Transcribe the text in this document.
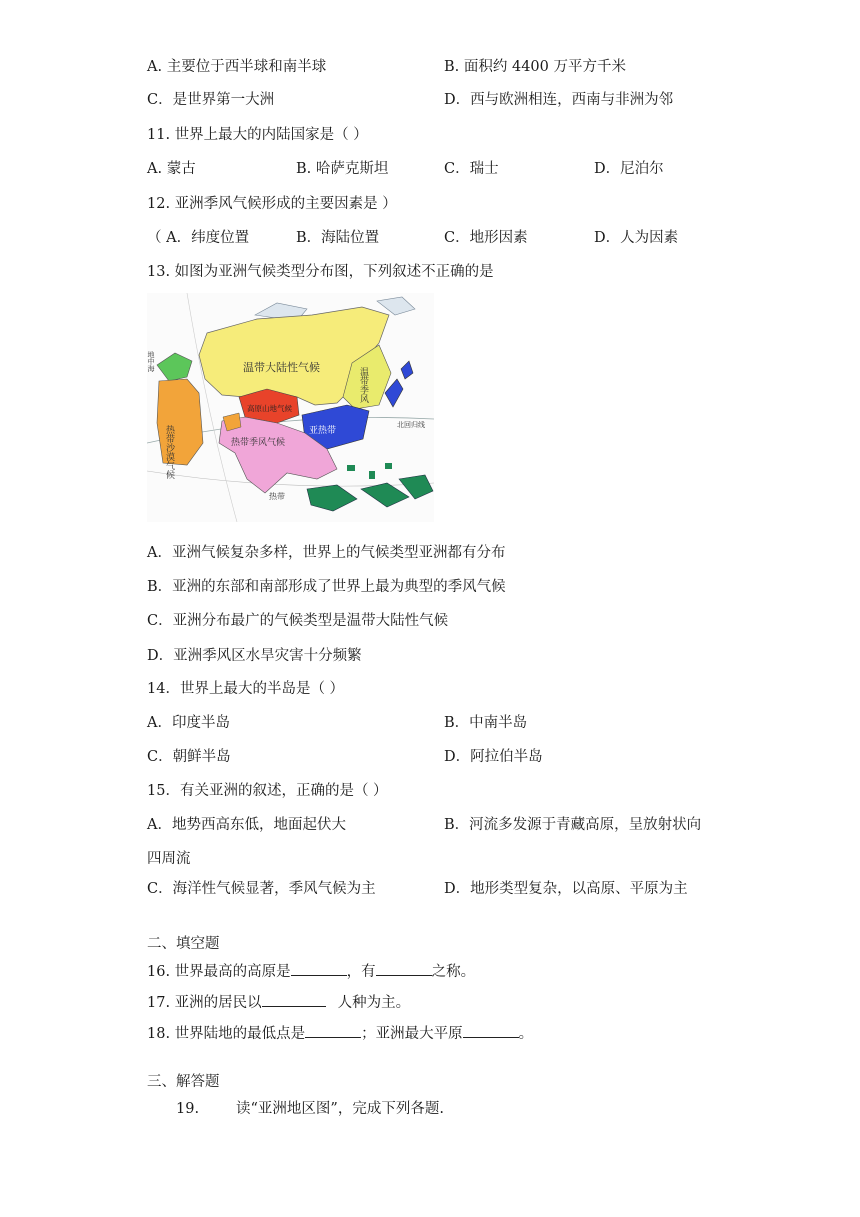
A. 主要位于西半球和南半球	B. 面积约 4400 万平方千米
C．是世界第一大洲	D．西与欧洲相连，西南与非洲为邻
11. 世界上最大的内陆国家是（ ）
A. 蒙古	B. 哈萨克斯坦	C．瑞士	D．尼泊尔
12. 亚洲季风气候形成的主要因素是 ）
（ A．纬度位置	B．海陆位置	C．地形因素	D．人为因素
13. 如图为亚洲气候类型分布图，下列叙述不正确的是
温带大陆性气候
热带沙漠气候
高原山地气候
热带季风气候
亚热带
温带季风
北回归线
热带
地中海
A．亚洲气候复杂多样，世界上的气候类型亚洲都有分布
B．亚洲的东部和南部形成了世界上最为典型的季风气候
C．亚洲分布最广的气候类型是温带大陆性气候
D．亚洲季风区水旱灾害十分频繁
14．世界上最大的半岛是（ ）
A．印度半岛	B．中南半岛
C．朝鲜半岛	D．阿拉伯半岛
15．有关亚洲的叙述，正确的是（ ）
A．地势西高东低，地面起伏大	B．河流多发源于青藏高原，呈放射状向
四周流
C．海洋性气候显著，季风气候为主	D．地形类型复杂，以高原、平原为主
二、填空题
16. 世界最高的高原是	，有	之称。
17. 亚洲的居民以	人种为主。
18. 世界陆地的最低点是	；亚洲最大平原	。
三、解答题
19.	读“亚洲地区图”，完成下列各题.
